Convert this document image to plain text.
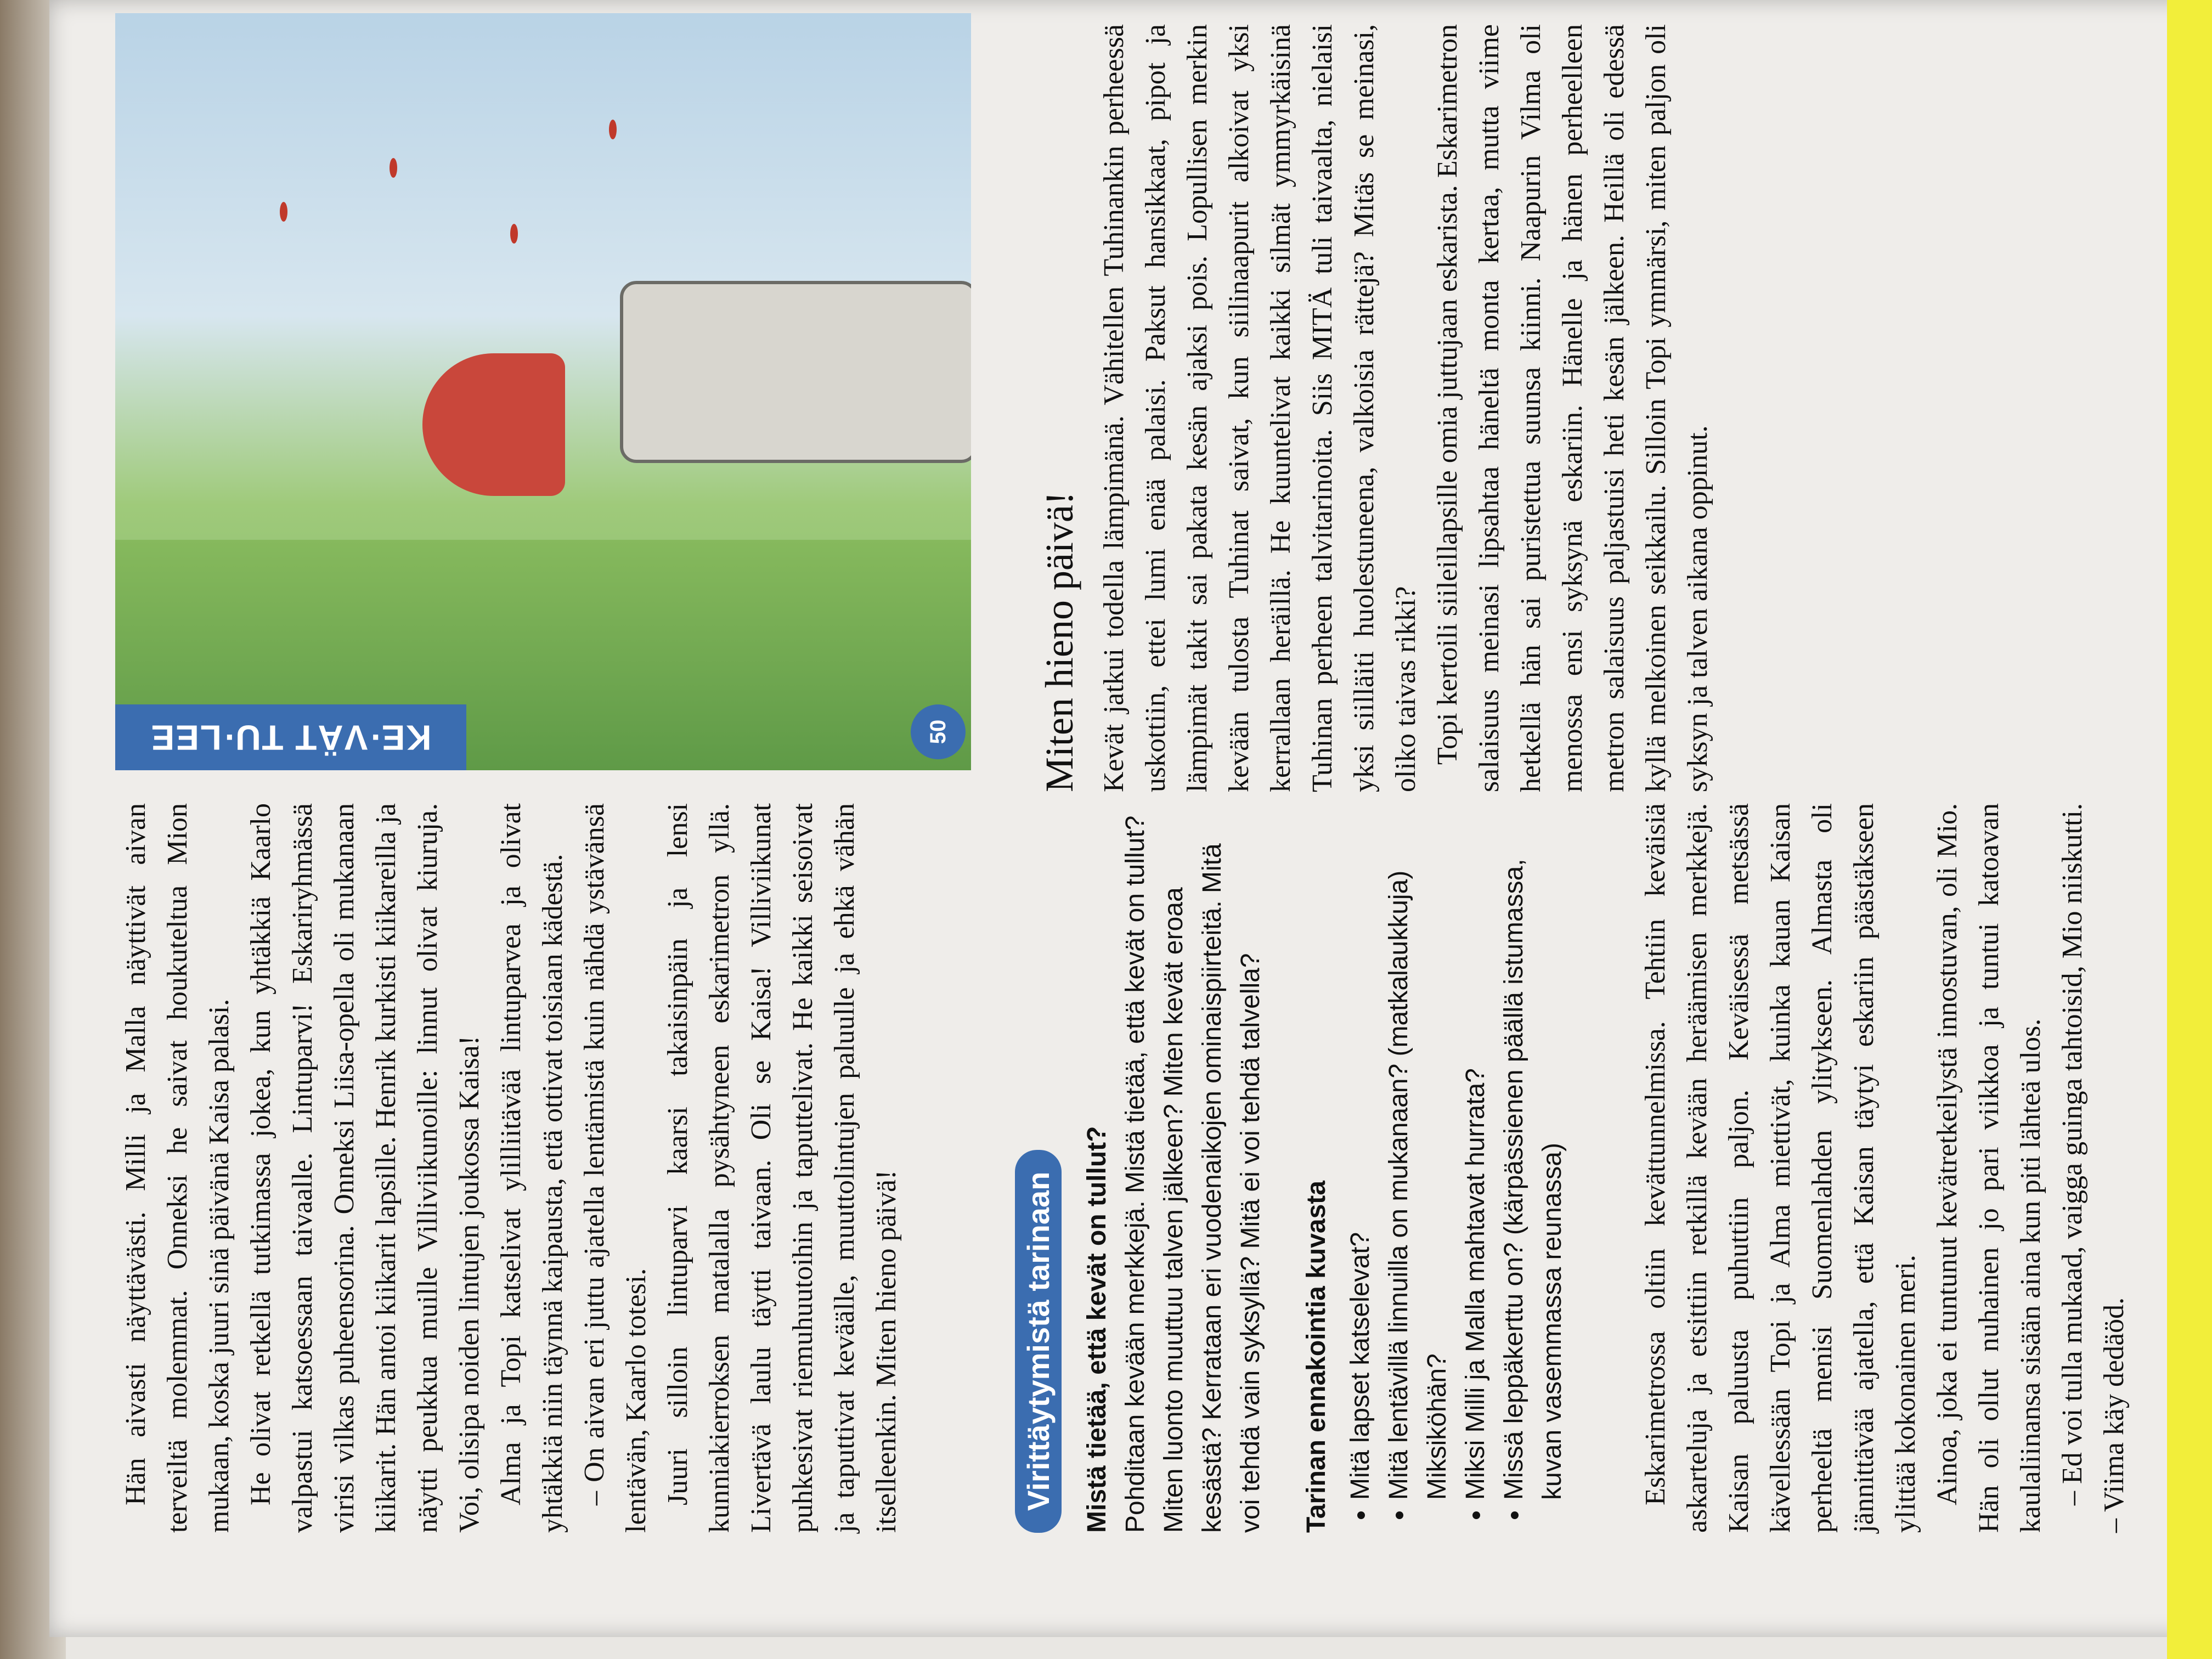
KE·VÄT TU·LEE	50
Virittäytymistä tarinaan Mistä tietää, että kevät on tullut? Pohditaan kevään merkkejä. Mistä tietää, että kevät on tullut? Miten luonto muuttuu talven jälkeen? Miten kevät eroaa kesästä? Kerrataan eri vuodenaikojen ominaispiirteitä. Mitä voi tehdä vain syksyllä? Mitä ei voi tehdä talvella? Tarinan ennakointia kuvasta • Mitä lapset katselevat? • Mitä lentävillä linnuilla on mukanaan? (matkalaukkuja) Miksiköhän? • Miksi Milli ja Malla mahtavat hurrata? • Missä leppäkerttu on? (kärpässienen päällä istumassa, kuvan vasemmassa reunassa)
Miten hieno päivä! Kevät jatkui todella lämpimänä. Vähitellen Tuhinankin perheessä uskottiin, ettei lumi enää palaisi. Paksut hansikkaat, pipot ja lämpimät takit sai pakata kesän ajaksi pois. Lopullisen merkin kevään tulosta Tuhinat saivat, kun siilinaapurit alkoivat yksi kerrallaan heräillä. He kuuntelivat kaikki silmät ymmyrkäisinä Tuhinan perheen talvitarinoita. Siis MITÄ tuli taivaalta, nielaisi yksi siilläiti huolestuneena, valkoisia rättejä? Mitäs se meinasi, oliko taivas rikki? Topi kertoili siileillapsille omia juttujaan eskarista. Eskarimetron salaisuus meinasi lipsahtaa häneltä monta kertaa, mutta viime hetkellä hän sai puristettua suunsa kiinni. Naapurin Vilma oli menossa ensi syksynä eskariin. Hänelle ja hänen perheelleen metron salaisuus paljastuisi heti kesän jälkeen. Heillä oli edessä kyllä melkoinen seikkailu. Silloin Topi ymmärsi, miten paljon oli syksyn ja talven aikana oppinut.

Eskarimetrossa oltiin kevättunnelmissa. Tehtiin keväisiä askarteluja ja etsittiin retkillä kevään heräämisen merkkejä. Kaisan paluusta puhuttiin paljon. Keväisessä metsässä kävellessään Topi ja Alma miettivät, kuinka kauan Kaisan perheeltä menisi Suomenlahden ylitykseen. Almasta oli jännittävää ajatella, että Kaisan täytyi eskariin päästäkseen ylittää kokonainen meri. Ainoa, joka ei tuntunut kevätretkeilystä innostuvan, oli Mio. Hän oli ollut nuhainen jo pari viikkoa ja tuntui katoavan kaulaliinansa sisään aina kun piti lähteä ulos. – Ed voi tulla mukaad, vaigga guinga tahtoisid, Mio niiskutti. – Viima käy dedäöd.

Hän aivasti näyttävästi. Milli ja Malla näyttivät aivan terveiltä molemmat. Onneksi he saivat houkuteltua Mion mukaan, koska juuri sinä päivänä Kaisa palasi. He olivat retkellä tutkimassa jokea, kun yhtäkkiä Kaarlo valpastui katsoessaan taivaalle. Lintuparvi! Eskariryhmässä virisi vilkas puheensorina. Onneksi Liisa-opella oli mukanaan kiikarit. Hän antoi kiikarit lapsille. Henrik kurkisti kiikareilla ja näytti peukkua muille Villiviikunoille: linnut olivat kiuruja. Voi, olisipa noiden lintujen joukossa Kaisa! Alma ja Topi katselivat ylilliitävää lintuparvea ja olivat yhtäkkiä niin täynnä kaipausta, että ottivat toisiaan kädestä. – On aivan eri juttu ajatella lentämistä kuin nähdä ystävänsä lentävän, Kaarlo totesi. Juuri silloin lintuparvi kaarsi takaisinpäin ja lensi kunniakierroksen matalalla pysähtyneen eskarimetron yllä. Livertävä laulu täytti taivaan. Oli se Kaisa! Villiviikunat puhkesivat riemuhuutoihin ja taputtelivat. He kaikki seisoivat ja taputtivat keväälle, muuttolintujen paluulle ja ehkä vähän itselleenkin. Miten hieno päivä!
